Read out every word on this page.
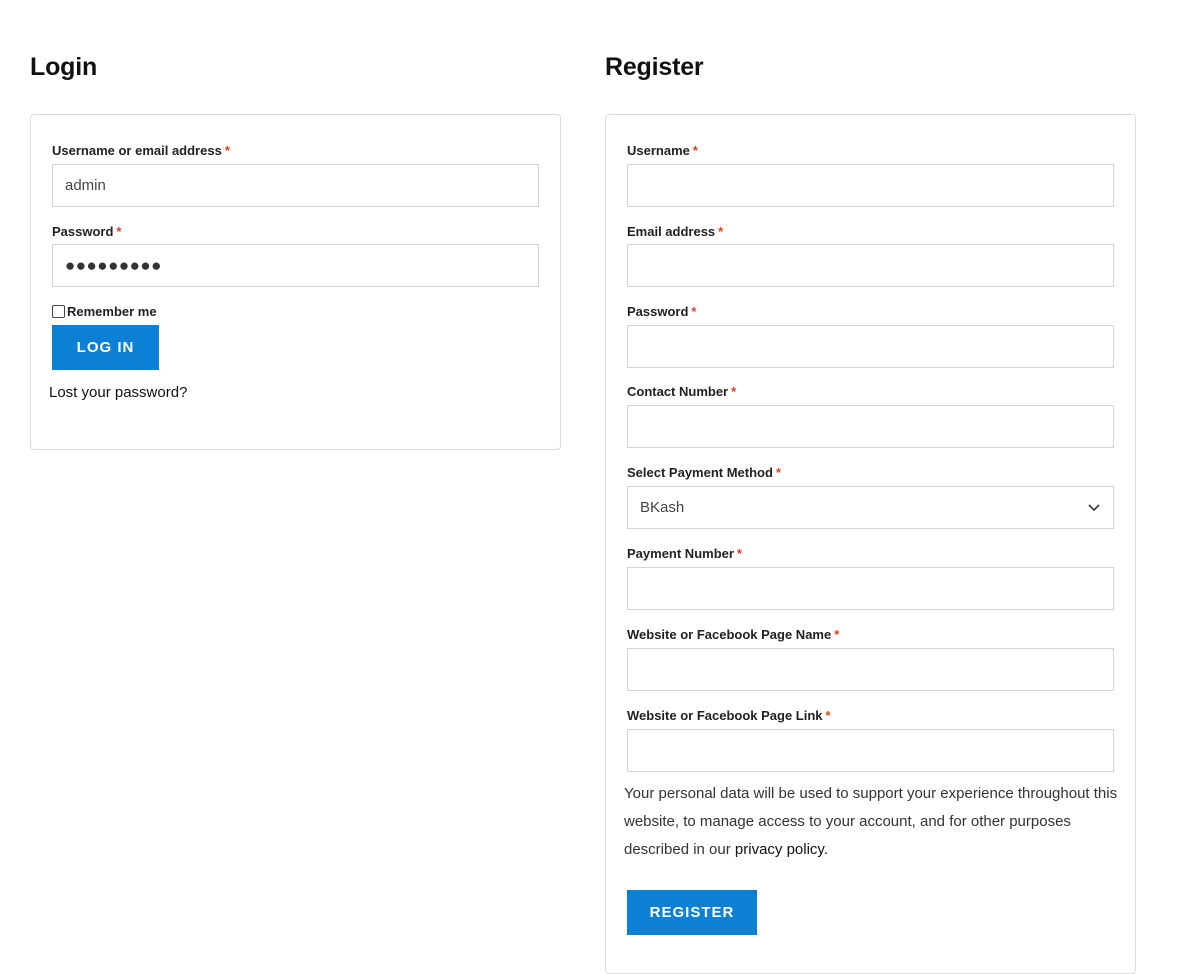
Login
Username or email address *
admin
Password *
●●●●●●●●●
Remember me
LOG IN
Lost your password?
Register
Username *
Email address *
Password *
Contact Number *
Select Payment Method *
BKash
Payment Number *
Website or Facebook Page Name *
Website or Facebook Page Link *

Your personal data will be used to support your experience throughout this website, to manage access to your account, and for other purposes described in our privacy policy.

REGISTER
